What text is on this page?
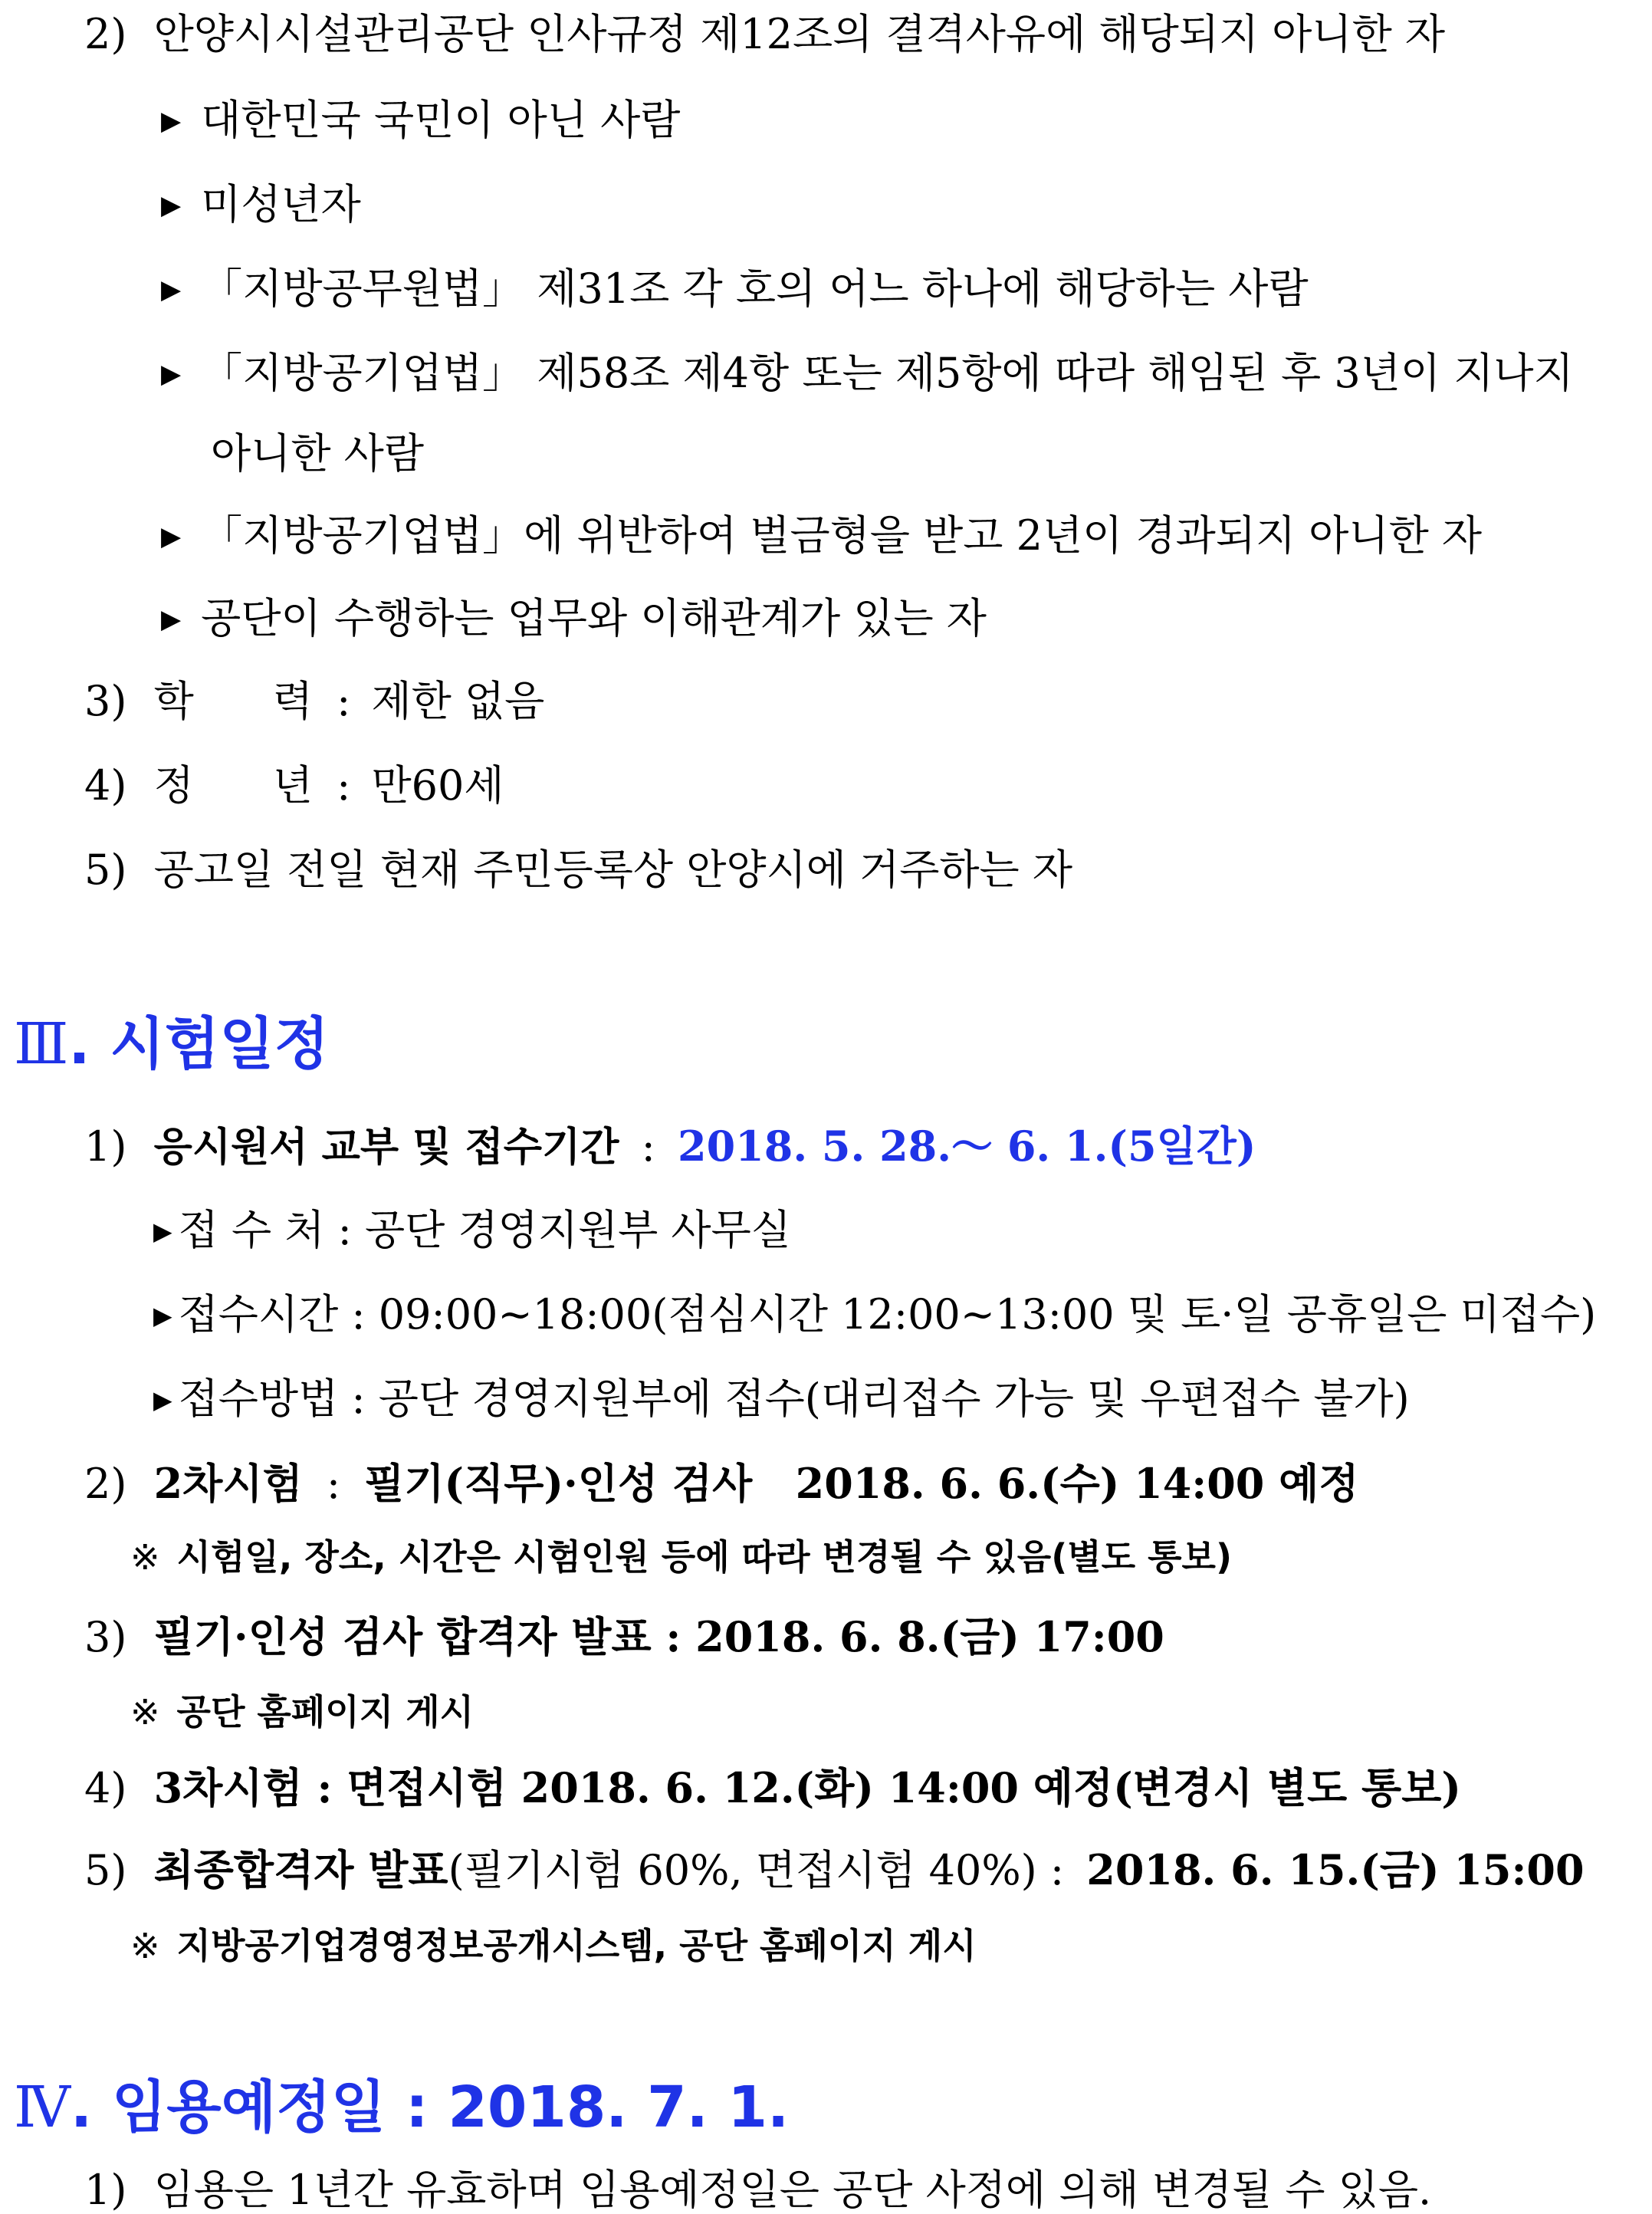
2) 안양시시설관리공단 인사규정 제12조의 결격사유에 해당되지 아니한 자
▶ 대한민국 국민이 아닌 사람
▶ 미성년자
▶ 「지방공무원법」 제31조 각 호의 어느 하나에 해당하는 사람
▶ 「지방공기업법」 제58조 제4항 또는 제5항에 따라 해임된 후 3년이 지나지
아니한 사람
▶ 「지방공기업법」에 위반하여 벌금형을 받고 2년이 경과되지 아니한 자
▶ 공단이 수행하는 업무와 이해관계가 있는 자
3) 학      력 : 제한 없음
4) 정      년 : 만60세
5) 공고일 전일 현재 주민등록상 안양시에 거주하는 자
Ⅲ. 시험일정
1) 응시원서 교부 및 접수기간 : 2018. 5. 28.～ 6. 1.(5일간)
▶ 접 수 처 : 공단 경영지원부 사무실
▶ 접수시간 : 09:00~18:00(점심시간 12:00~13:00 및 토·일 공휴일은 미접수)
▶ 접수방법 : 공단 경영지원부에 접수(대리접수 가능 및 우편접수 불가)
2) 2차시험 : 필기(직무)·인성 검사   2018. 6. 6.(수) 14:00 예정
※ 시험일, 장소, 시간은 시험인원 등에 따라 변경될 수 있음(별도 통보)
3) 필기·인성 검사 합격자 발표 : 2018. 6. 8.(금) 17:00
※ 공단 홈페이지 게시
4) 3차시험 : 면접시험 2018. 6. 12.(화) 14:00 예정(변경시 별도 통보)
5) 최종합격자 발표(필기시험 60%, 면접시험 40%) : 2018. 6. 15.(금) 15:00
※ 지방공기업경영정보공개시스템, 공단 홈페이지 게시
Ⅳ. 임용예정일 : 2018. 7. 1.
1) 임용은 1년간 유효하며 임용예정일은 공단 사정에 의해 변경될 수 있음.
